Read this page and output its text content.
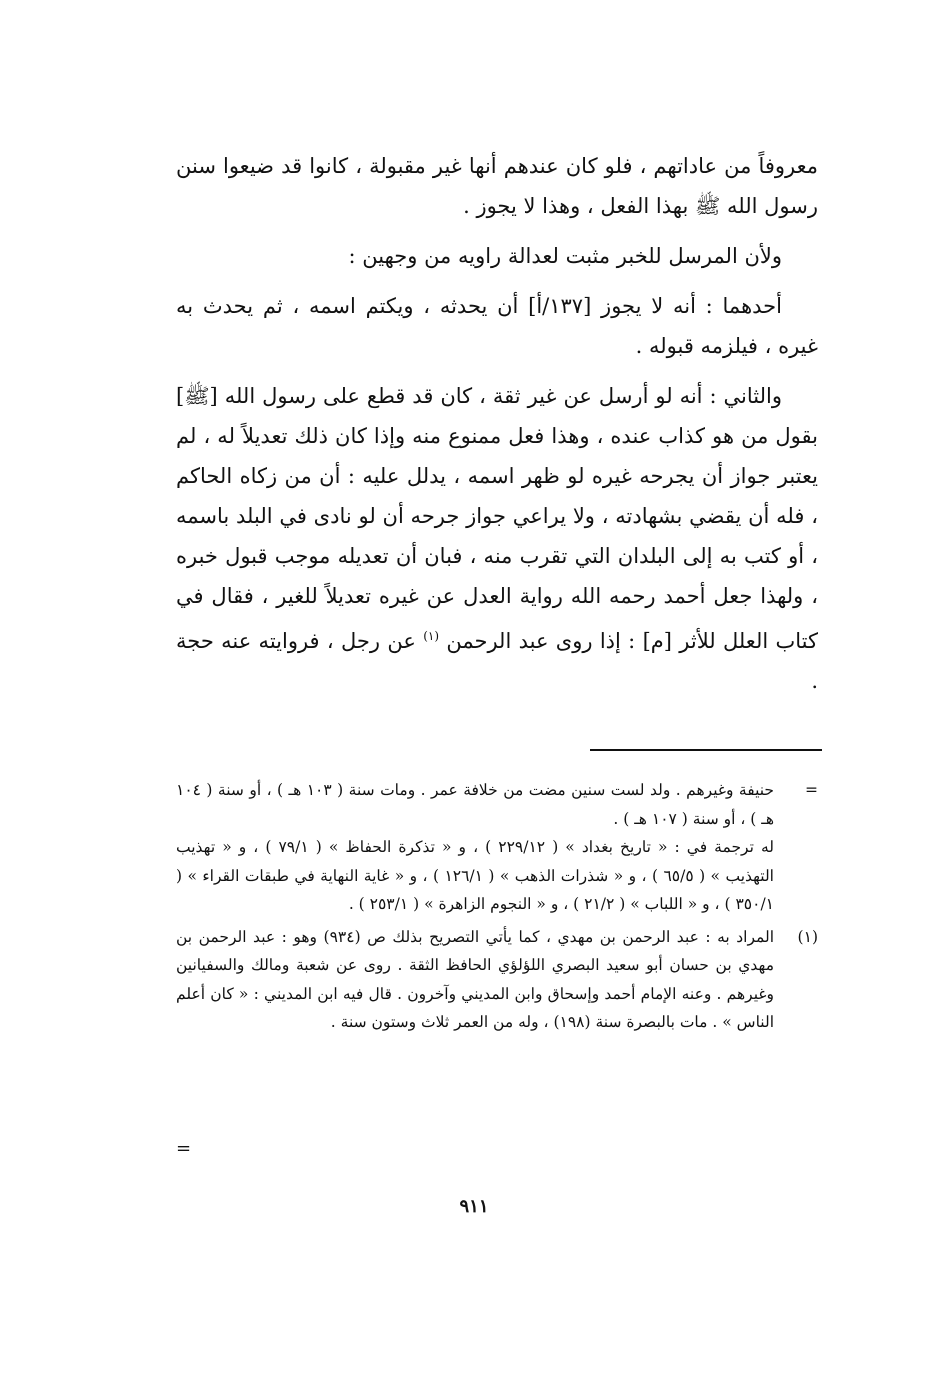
معروفاً من عاداتهم ، فلو كان عندهم أنها غير مقبولة ، كانوا قد ضيعوا سنن رسول الله ﷺ بهذا الفعل ، وهذا لا يجوز .

ولأن المرسل للخبر مثبت لعدالة راويه من وجهين :

أحدهما : أنه لا يجوز [١٣٧/أ] أن يحدثه ، ويكتم اسمه ، ثم يحدث به غيره ، فيلزمه قبوله .

والثاني : أنه لو أرسل عن غير ثقة ، كان قد قطع على رسول الله [ﷺ] بقول من هو كذاب عنده ، وهذا فعل ممنوع منه وإذا كان ذلك تعديلاً له ، لم يعتبر جواز أن يجرحه غيره لو ظهر اسمه ، يدلل عليه : أن من زكاه الحاكم ، فله أن يقضي بشهادته ، ولا يراعي جواز جرحه أن لو نادى في البلد باسمه ، أو كتب به إلى البلدان التي تقرب منه ، فبان أن تعديله موجب قبول خبره ، ولهذا جعل أحمد رحمه الله رواية العدل عن غيره تعديلاً للغير ، فقال في كتاب العلل للأثر [م] : إذا روى عبد الرحمن $^{(١)}$ عن رجل ، فروايته عنه حجة .

=
حنيفة وغيرهم . ولد لست سنين مضت من خلافة عمر . ومات سنة ( ١٠٣ هـ ) ، أو سنة ( ١٠٤ هـ ) ، أو سنة ( ١٠٧ هـ ) .
له ترجمة في : « تاريخ بغداد » ( ٢٢٩/١٢ ) ، و « تذكرة الحفاظ » ( ٧٩/١ ) ، و « تهذيب التهذيب » ( ٦٥/٥ ) ، و « شذرات الذهب » ( ١٢٦/١ ) ، و « غاية النهاية في طبقات القراء » ( ٣٥٠/١ ) ، و « اللباب » ( ٢١/٢ ) ، و « النجوم الزاهرة » ( ٢٥٣/١ ) .
(١)
المراد به : عبد الرحمن بن مهدي ، كما يأتي التصريح بذلك ص (٩٣٤) وهو : عبد الرحمن بن مهدي بن حسان أبو سعيد البصري اللؤلؤي الحافظ الثقة . روى عن شعبة ومالك والسفيانين وغيرهم . وعنه الإمام أحمد وإسحاق وابن المديني وآخرون . قال فيه ابن المديني : « كان أعلم الناس » . مات بالبصرة سنة (١٩٨) ، وله من العمر ثلاث وستون سنة .
=
٩١١
